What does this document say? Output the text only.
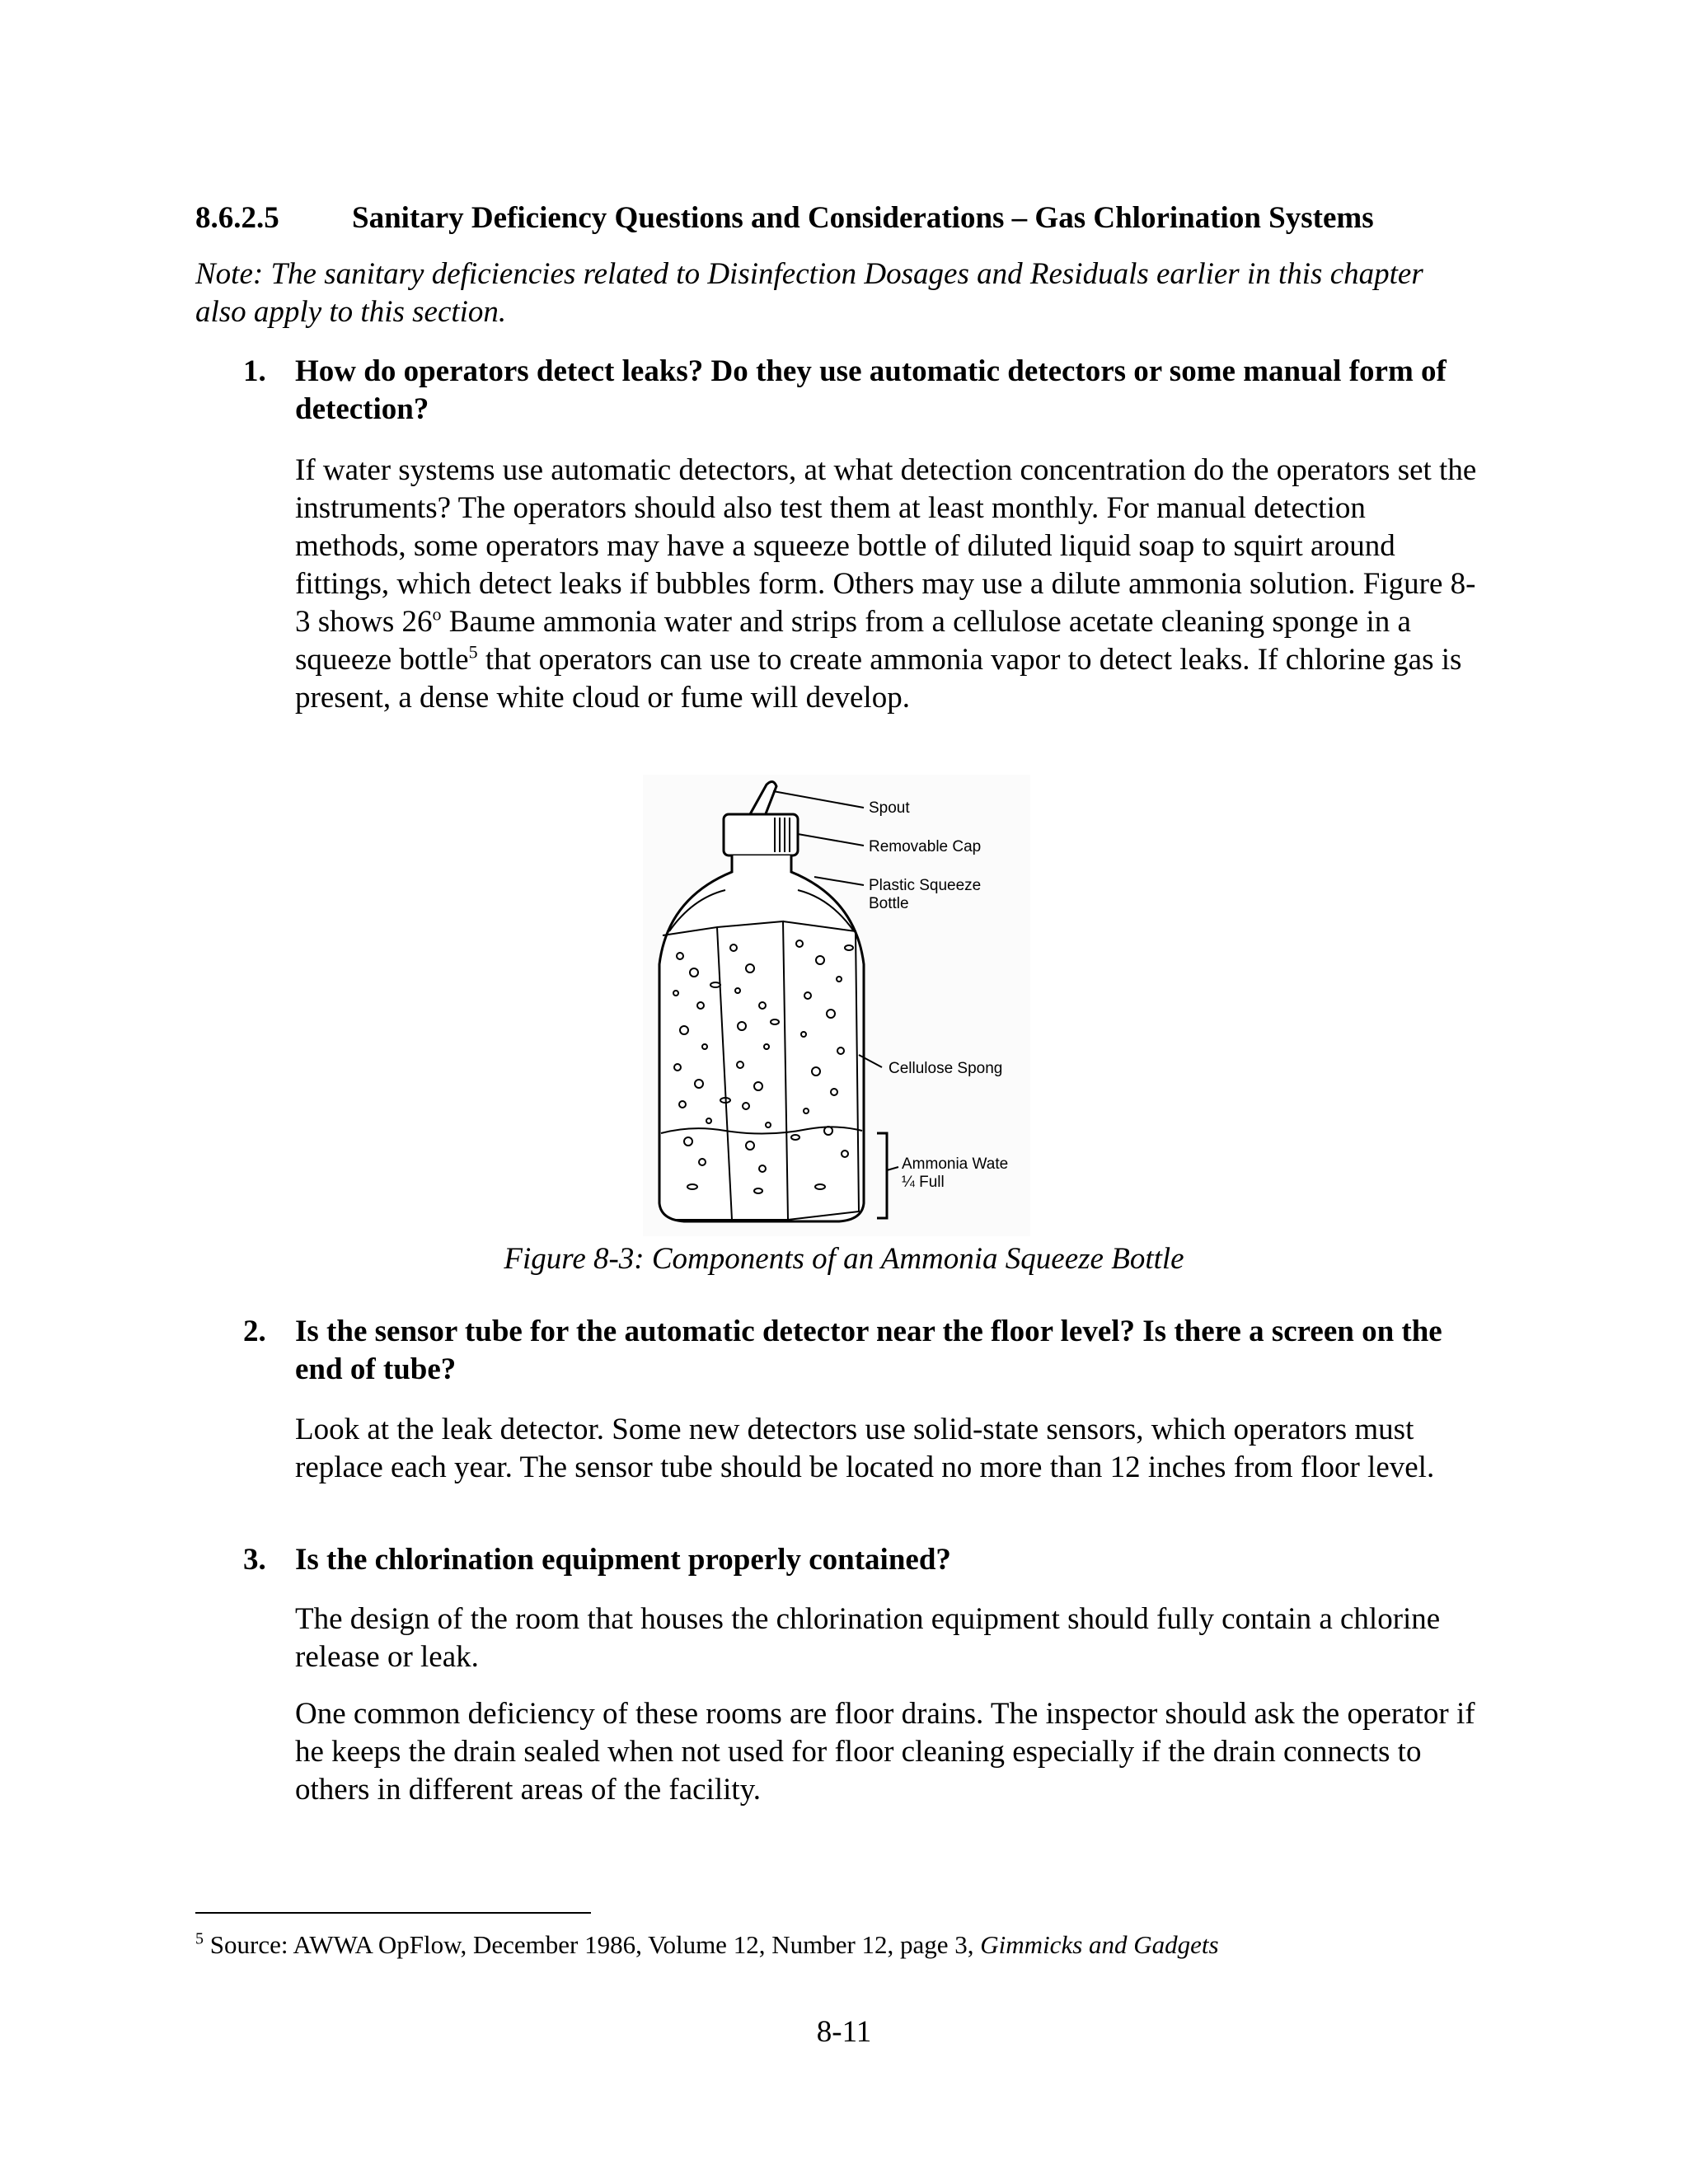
8.6.2.5 Sanitary Deficiency Questions and Considerations – Gas Chlorination Systems
Note: The sanitary deficiencies related to Disinfection Dosages and Residuals earlier in this chapter also apply to this section.
1. How do operators detect leaks? Do they use automatic detectors or some manual form of detection?
If water systems use automatic detectors, at what detection concentration do the operators set the instruments? The operators should also test them at least monthly. For manual detection methods, some operators may have a squeeze bottle of diluted liquid soap to squirt around fittings, which detect leaks if bubbles form. Others may use a dilute ammonia solution. Figure 8-3 shows 26$^o$ Baume ammonia water and strips from a cellulose acetate cleaning sponge in a squeeze bottle$^5$ that operators can use to create ammonia vapor to detect leaks. If chlorine gas is present, a dense white cloud or fume will develop.
Spout
Removable Cap
Plastic Squeeze
Bottle
Cellulose Spong
Ammonia Wate
¼ Full
Figure 8-3: Components of an Ammonia Squeeze Bottle
2. Is the sensor tube for the automatic detector near the floor level? Is there a screen on the end of tube?
Look at the leak detector. Some new detectors use solid-state sensors, which operators must replace each year. The sensor tube should be located no more than 12 inches from floor level.
3. Is the chlorination equipment properly contained?
The design of the room that houses the chlorination equipment should fully contain a chlorine release or leak.
One common deficiency of these rooms are floor drains. The inspector should ask the operator if he keeps the drain sealed when not used for floor cleaning especially if the drain connects to others in different areas of the facility.
$^5$ Source: AWWA OpFlow, December 1986, Volume 12, Number 12, page 3, Gimmicks and Gadgets
8-11
